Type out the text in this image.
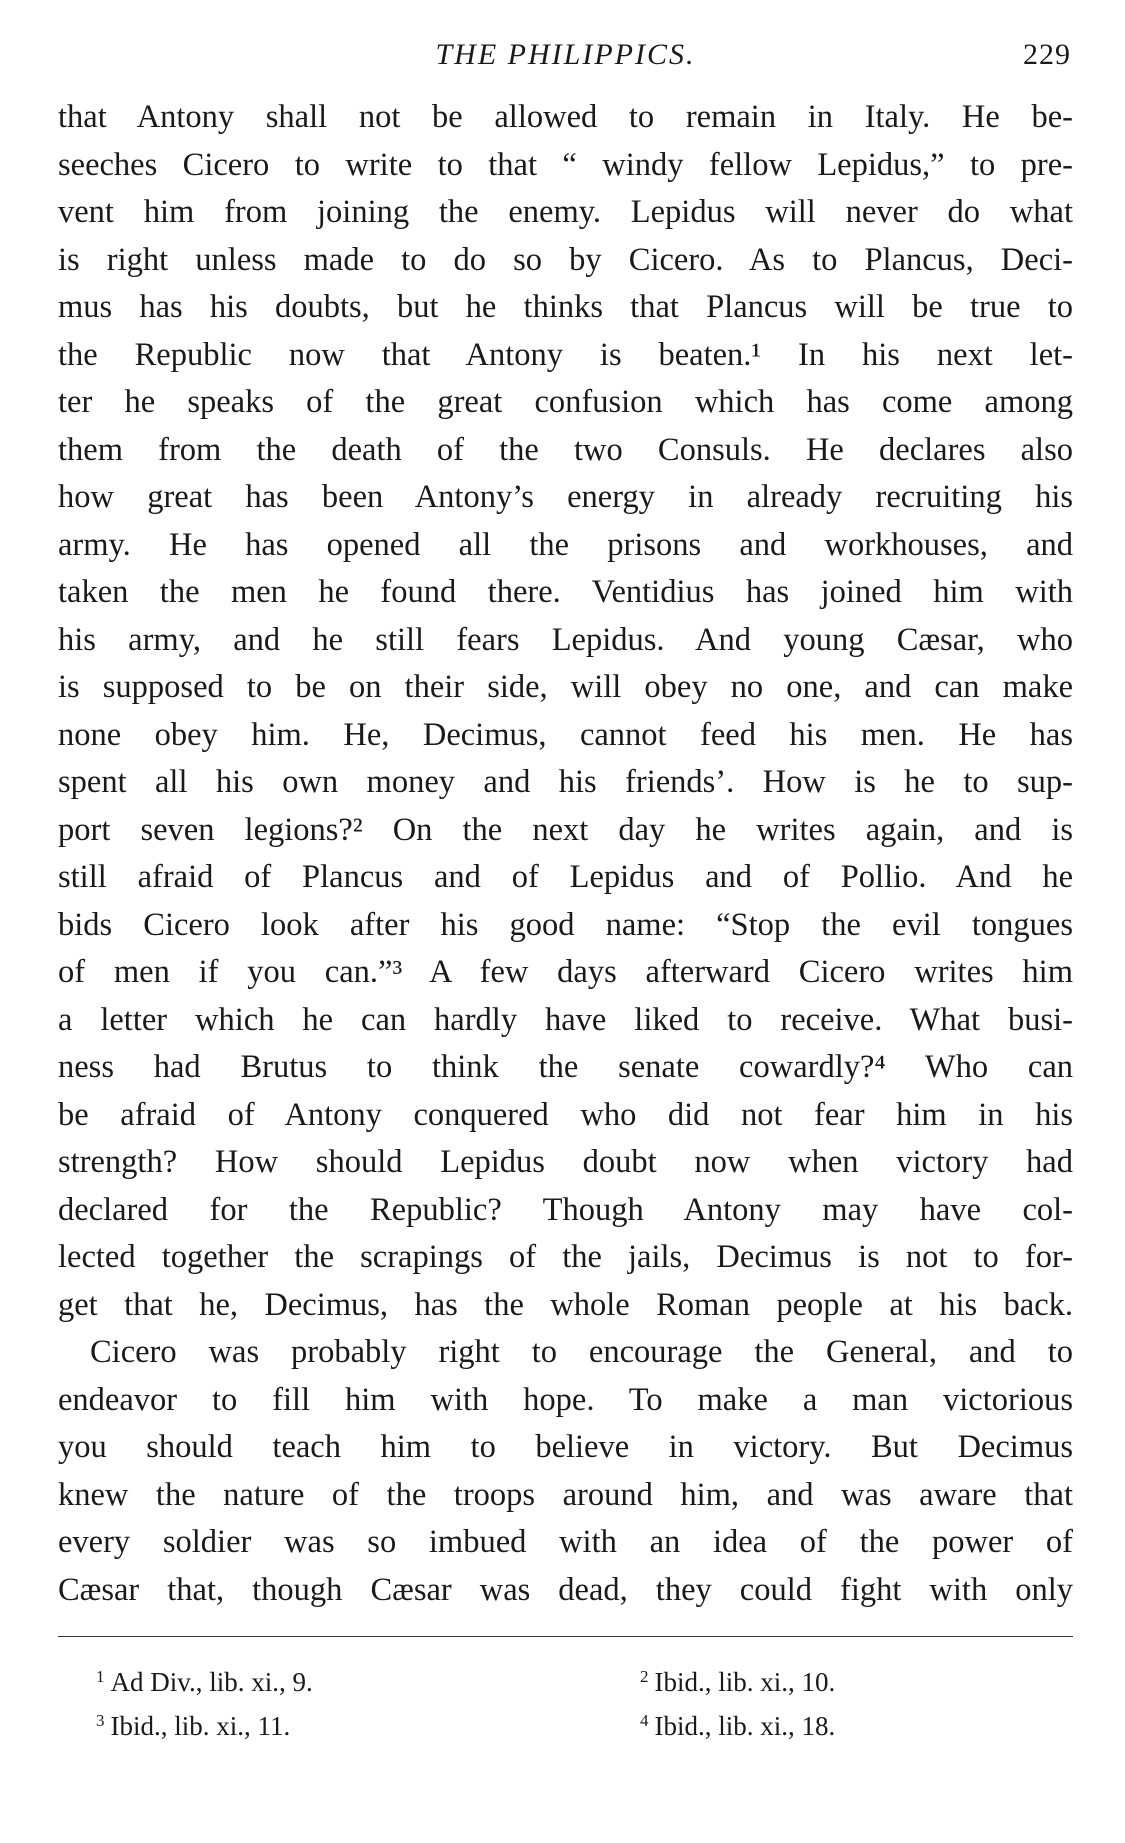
THE PHILIPPICS.	229
that Antony shall not be allowed to remain in Italy. He be-
seeches Cicero to write to that “ windy fellow Lepidus,” to pre-
vent him from joining the enemy. Lepidus will never do what
is right unless made to do so by Cicero. As to Plancus, Deci-
mus has his doubts, but he thinks that Plancus will be true to
the Republic now that Antony is beaten.¹ In his next let-
ter he speaks of the great confusion which has come among
them from the death of the two Consuls. He declares also
how great has been Antony’s energy in already recruiting his
army. He has opened all the prisons and workhouses, and
taken the men he found there. Ventidius has joined him with
his army, and he still fears Lepidus. And young Cæsar, who
is supposed to be on their side, will obey no one, and can make
none obey him. He, Decimus, cannot feed his men. He has
spent all his own money and his friends’. How is he to sup-
port seven legions?² On the next day he writes again, and is
still afraid of Plancus and of Lepidus and of Pollio. And he
bids Cicero look after his good name: “Stop the evil tongues
of men if you can.”³ A few days afterward Cicero writes him
a letter which he can hardly have liked to receive. What busi-
ness had Brutus to think the senate cowardly?⁴ Who can
be afraid of Antony conquered who did not fear him in his
strength? How should Lepidus doubt now when victory had
declared for the Republic? Though Antony may have col-
lected together the scrapings of the jails, Decimus is not to for-
get that he, Decimus, has the whole Roman people at his back.
Cicero was probably right to encourage the General, and to
endeavor to fill him with hope. To make a man victorious
you should teach him to believe in victory. But Decimus
knew the nature of the troops around him, and was aware that
every soldier was so imbued with an idea of the power of
Cæsar that, though Cæsar was dead, they could fight with only
$^1$ Ad Div., lib. xi., 9.	$^2$ Ibid., lib. xi., 10.
$^3$ Ibid., lib. xi., 11.	$^4$ Ibid., lib. xi., 18.
